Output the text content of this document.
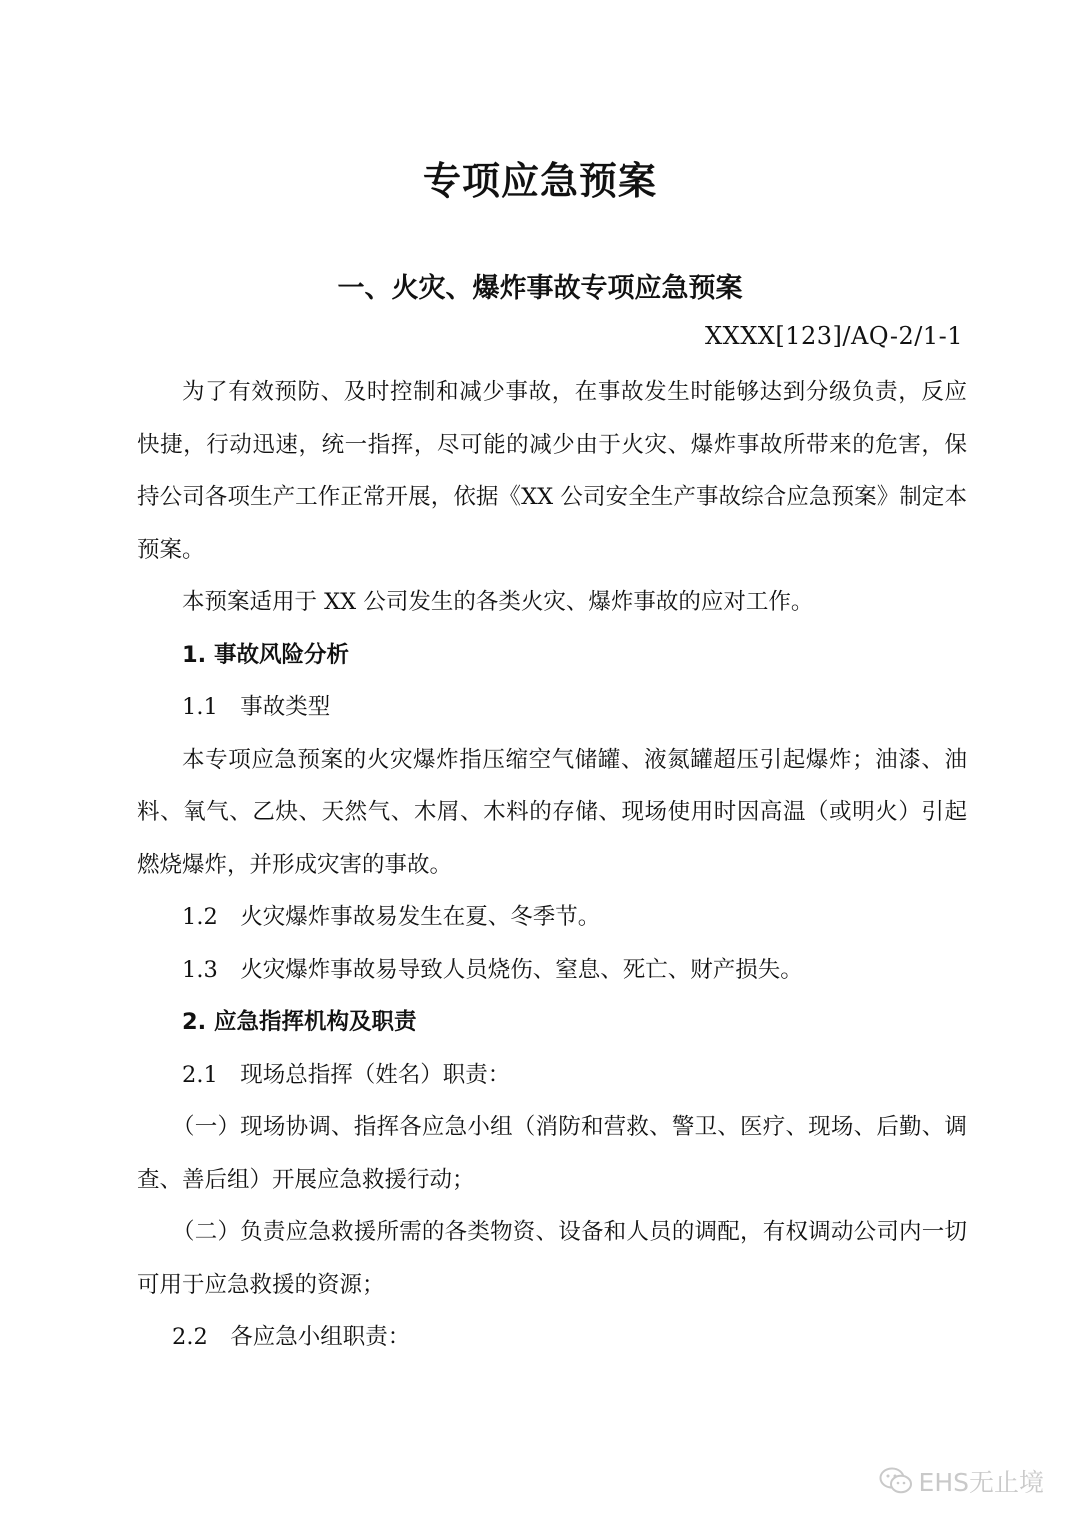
专项应急预案
一、火灾、爆炸事故专项应急预案
XXXX[123]/AQ-2/1-1

为了有效预防、及时控制和减少事故，在事故发生时能够达到分级负责，反应快捷，行动迅速，统一指挥，尽可能的减少由于火灾、爆炸事故所带来的危害，保持公司各项生产工作正常开展，依据《XX 公司安全生产事故综合应急预案》制定本预案。

本预案适用于 XX 公司发生的各类火灾、爆炸事故的应对工作。

1. 事故风险分析

1.1　事故类型

本专项应急预案的火灾爆炸指压缩空气储罐、液氮罐超压引起爆炸；油漆、油料、氧气、乙炔、天然气、木屑、木料的存储、现场使用时因高温（或明火）引起燃烧爆炸，并形成灾害的事故。

1.2　火灾爆炸事故易发生在夏、冬季节。

1.3　火灾爆炸事故易导致人员烧伤、窒息、死亡、财产损失。

2. 应急指挥机构及职责

2.1　现场总指挥（姓名）职责：

（一）现场协调、指挥各应急小组（消防和营救、警卫、医疗、现场、后勤、调查、善后组）开展应急救援行动；

（二）负责应急救援所需的各类物资、设备和人员的调配，有权调动公司内一切可用于应急救援的资源；

2.2　各应急小组职责：

EHS无止境
